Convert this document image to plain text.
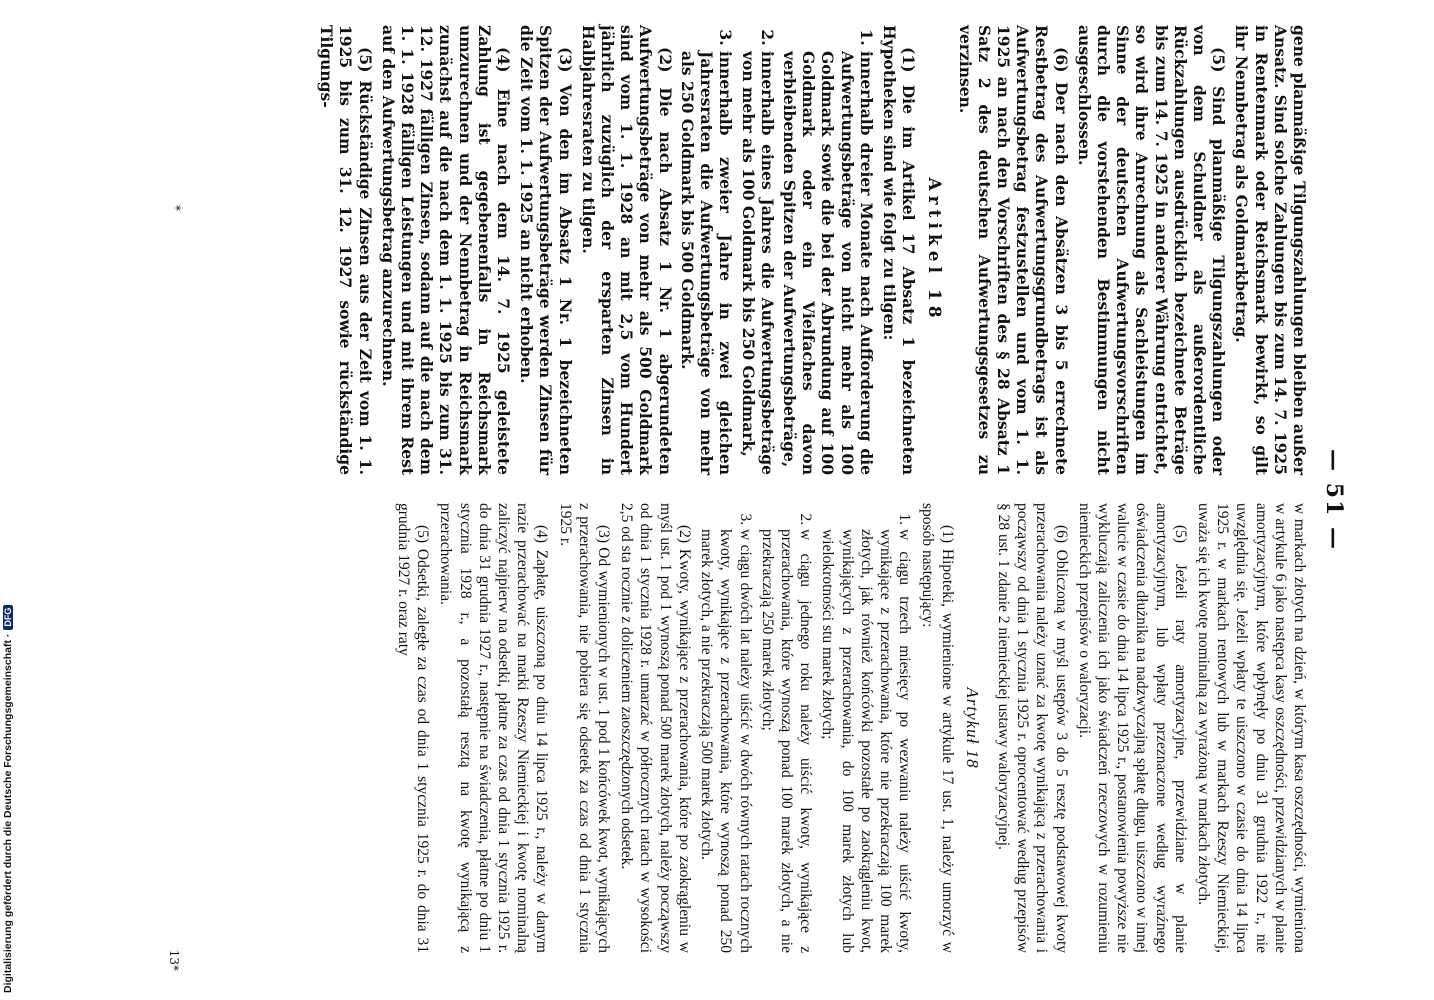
Digitalisierung gefördert durch die Deutsche Forschungsgemeinschaft ·DFG
— 51 —

gene planmäßige Tilgungszahlungen bleiben außer Ansatz. Sind solche Zahlungen bis zum 14. 7. 1925 in Rentenmark oder Reichsmark bewirkt, so gilt ihr Nennbetrag als Goldmarkbetrag.

(5) Sind planmäßige Tilgungszahlungen oder von dem Schuldner als außerordentliche Rückzahlungen ausdrücklich bezeichnete Beträge bis zum 14. 7. 1925 in anderer Währung entrichtet, so wird ihre Anrechnung als Sachleistungen im Sinne der deutschen Aufwertungsvorschriften durch die vorstehenden Bestimmungen nicht ausgeschlossen.

(6) Der nach den Absätzen 3 bis 5 errechnete Restbetrag des Aufwertungsgrundbetrags ist als Aufwertungsbetrag festzustellen und vom 1. 1. 1925 an nach den Vorschriften des § 28 Absatz 1 Satz 2 des deutschen Aufwertungsgesetzes zu verzinsen.

Artikel 18

(1) Die im Artikel 17 Absatz 1 bezeichneten Hypotheken sind wie folgt zu tilgen:

1. innerhalb dreier Monate nach Aufforderung die Aufwertungsbeträge von nicht mehr als 100 Goldmark sowie die bei der Abrundung auf 100 Goldmark oder ein Vielfaches davon verbleibenden Spitzen der Aufwertungsbeträge,
2. innerhalb eines Jahres die Aufwertungsbeträge von mehr als 100 Goldmark bis 250 Goldmark,
3. innerhalb zweier Jahre in zwei gleichen Jahresraten die Aufwertungsbeträge von mehr als 250 Goldmark bis 500 Goldmark.

(2) Die nach Absatz 1 Nr. 1 abgerundeten Aufwertungsbeträge von mehr als 500 Goldmark sind vom 1. 1. 1928 an mit 2,5 vom Hundert jährlich zuzüglich der ersparten Zinsen in Halbjahresraten zu tilgen.

(3) Von den im Absatz 1 Nr. 1 bezeichneten Spitzen der Aufwertungsbeträge werden Zinsen für die Zeit vom 1. 1. 1925 an nicht erhoben.

(4) Eine nach dem 14. 7. 1925 geleistete Zahlung ist gegebenenfalls in Reichsmark umzurechnen und der Nennbetrag in Reichsmark zunächst auf die nach dem 1. 1. 1925 bis zum 31. 12. 1927 fälligen Zinsen, sodann auf die nach dem 1. 1. 1928 fälligen Leistungen und mit ihrem Rest auf den Aufwertungsbetrag anzurechnen.

(5) Rückständige Zinsen aus der Zeit vom 1. 1. 1925 bis zum 31. 12. 1927 sowie rückständige Tilgungs-

w markach złotych na dzień, w którym kasa oszczędności, wymieniona w artykule 6 jako następca kasy oszczędności, przewidzianych w planie amortyzacyjnym, które wpłynęły po dniu 31 grudnia 1922 r., nie uwzględnia się. Jeżeli wpłaty te uiszczono w czasie do dnia 14 lipca 1925 r. w markach rentowych lub w markach Rzeszy Niemieckiej, uważa się ich kwotę nominalną za wyrażoną w markach złotych.

(5) Jeżeli raty amortyzacyjne, przewidziane w planie amortyzacyjnym, lub wpłaty przeznaczone według wyraźnego oświadczenia dłużnika na nadzwyczajną spłatę długu, uiszczono w innej walucie w czasie do dnia 14 lipca 1925 r., postanowienia powyższe nie wykluczają zaliczenia ich jako świadczeń rzeczowych w rozumieniu niemieckich przepisów o waloryzacji.

(6) Obliczoną w myśl ustępów 3 do 5 resztę podstawowej kwoty przerachowania należy uznać za kwotę wynikającą z przerachowania i począwszy od dnia 1 stycznia 1925 r. oprocentować według przepisów § 28 ust. 1 zdanie 2 niemieckiej ustawy waloryzacyjnej.

Artykuł 18

(1) Hipoteki, wymienione w artykule 17 ust. 1, należy umorzyć w sposób następujący:

1. w ciągu trzech miesięcy po wezwaniu należy uiścić kwoty, wynikające z przerachowania, które nie przekraczają 100 marek złotych, jak również końcówki pozostałe po zaokrągleniu kwot, wynikających z przerachowania, do 100 marek złotych lub wielokrotności stu marek złotych;
2. w ciągu jednego roku należy uiścić kwoty, wynikające z przerachowania, które wynoszą ponad 100 marek złotych, a nie przekraczają 250 marek złotych;
3. w ciągu dwóch lat należy uiścić w dwóch równych ratach rocznych kwoty, wynikające z przerachowania, które wynoszą ponad 250 marek złotych, a nie przekraczają 500 marek złotych.

(2) Kwoty, wynikające z przerachowania, które po zaokrągleniu w myśl ust. 1 pod 1 wynoszą ponad 500 marek złotych, należy począwszy od dnia 1 stycznia 1928 r. umarzać w półrocznych ratach w wysokości 2,5 od sta rocznie z doliczeniem zaoszczędzonych odsetek.

(3) Od wymienionych w ust. 1 pod 1 końcówek kwot, wynikających z przerachowania, nie pobiera się odsetek za czas od dnia 1 stycznia 1925 r.

(4) Zapłatę, uiszczoną po dniu 14 lipca 1925 r., należy w danym razie przerachować na marki Rzeszy Niemieckiej i kwotę nominalną zaliczyć najpierw na odsetki, płatne za czas od dnia 1 stycznia 1925 r. do dnia 31 grudnia 1927 r., następnie na świadczenia, płatne po dniu 1 stycznia 1928 r., a pozostałą resztą na kwotę wynikającą z przerachowania.

(5) Odsetki, zaległe za czas od dnia 1 stycznia 1925 r. do dnia 31 grudnia 1927 r. oraz raty

*
13*
